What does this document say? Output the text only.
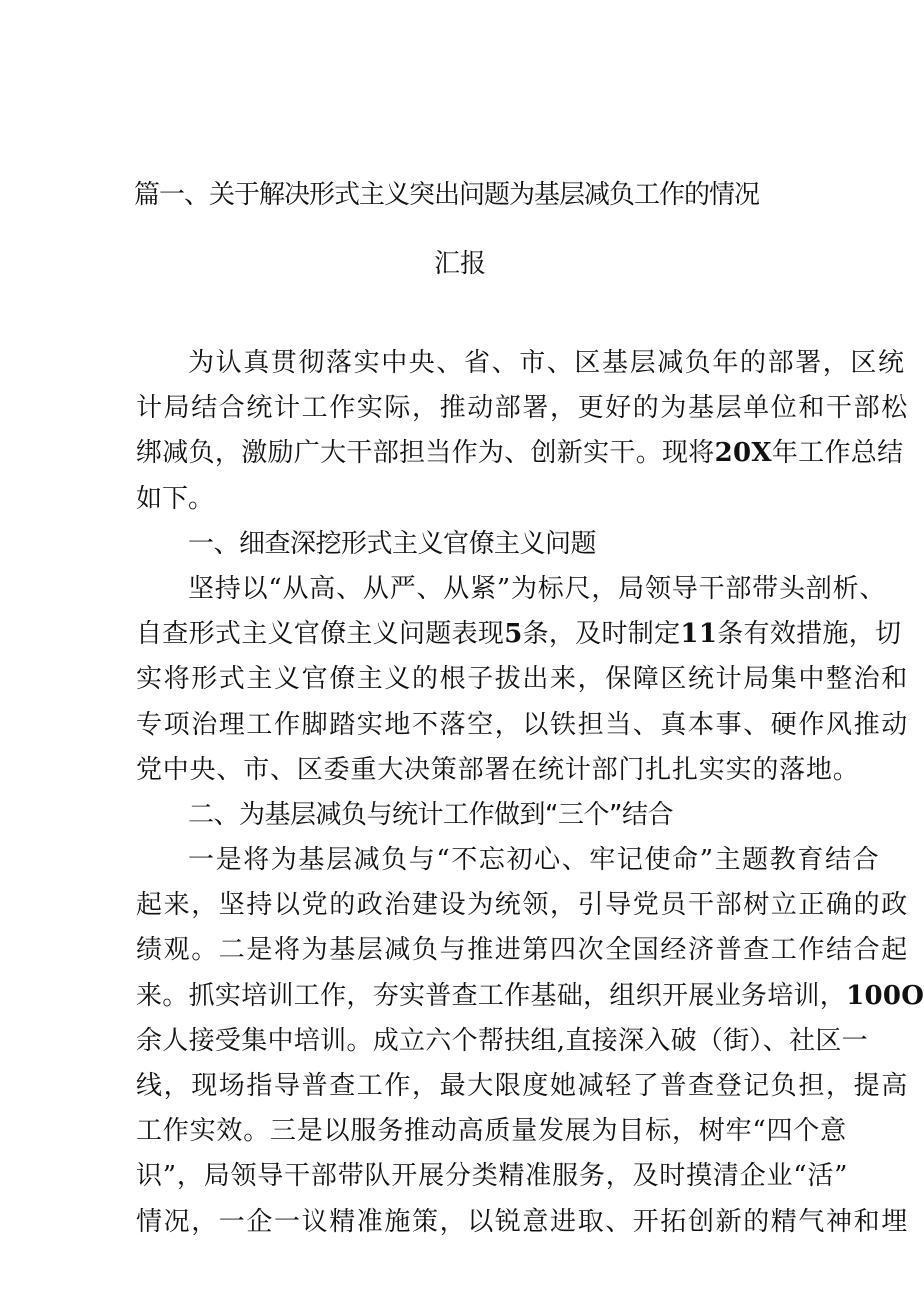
篇一、关于解决形式主义突出问题为基层减负工作的情况
汇报
为认真贯彻落实中央、省、市、区基层减负年的部署，区统
计局结合统计工作实际，推动部署，更好的为基层单位和干部松
绑减负，激励广大干部担当作为、创新实干。现将20X年工作总结
如下。
一、细查深挖形式主义官僚主义问题
坚持以“从高、从严、从紧”为标尺，局领导干部带头剖析、
自查形式主义官僚主义问题表现5条，及时制定11条有效措施，切
实将形式主义官僚主义的根子拔出来，保障区统计局集中整治和
专项治理工作脚踏实地不落空，以铁担当、真本事、硬作风推动
党中央、市、区委重大决策部署在统计部门扎扎实实的落地。
二、为基层减负与统计工作做到“三个”结合
一是将为基层减负与“不忘初心、牢记使命”主题教育结合
起来，坚持以党的政治建设为统领，引导党员干部树立正确的政
绩观。二是将为基层减负与推进第四次全国经济普查工作结合起
来。抓实培训工作，夯实普查工作基础，组织开展业务培训，100O
余人接受集中培训。成立六个帮扶组,直接深入破（街）、社区一
线，现场指导普查工作，最大限度她减轻了普查登记负担，提高
工作实效。三是以服务推动高质量发展为目标，树牢“四个意
识”，局领导干部带队开展分类精准服务，及时摸清企业“活”
情况，一企一议精准施策，以锐意进取、开拓创新的精气神和埋
